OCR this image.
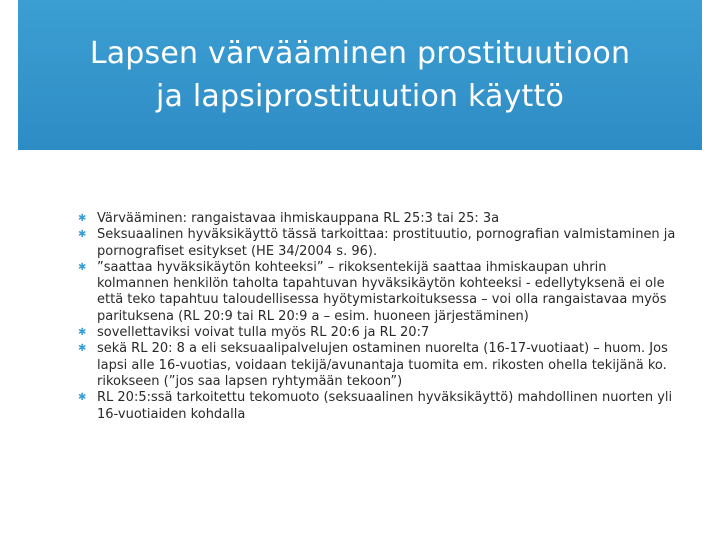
Lapsen värvääminen prostituutioon
ja lapsiprostituution käyttö
✱ Värvääminen: rangaistavaa ihmiskauppana RL 25:3 tai 25: 3a
✱ Seksuaalinen hyväksikäyttö tässä tarkoittaa: prostituutio, pornografian valmistaminen ja pornografiset esitykset (HE 34/2004 s. 96).
✱ ”saattaa hyväksikäytön kohteeksi” – rikoksentekijä saattaa ihmiskaupan uhrin kolmannen henkilön taholta tapahtuvan hyväksikäytön kohteeksi - edellytyksenä ei ole että teko tapahtuu taloudellisessa hyötymistarkoituksessa – voi olla rangaistavaa myös parituksena (RL 20:9 tai RL 20:9 a – esim. huoneen järjestäminen)
✱ sovellettaviksi voivat tulla myös RL 20:6 ja RL 20:7
✱ sekä RL 20: 8 a eli seksuaalipalvelujen ostaminen nuorelta (16-17-vuotiaat) – huom. Jos lapsi alle 16-vuotias, voidaan tekijä/avunantaja tuomita em. rikosten ohella tekijänä ko. rikokseen (”jos saa lapsen ryhtymään tekoon”)
✱ RL 20:5:ssä tarkoitettu tekomuoto (seksuaalinen hyväksikäyttö) mahdollinen nuorten yli 16-vuotiaiden kohdalla
